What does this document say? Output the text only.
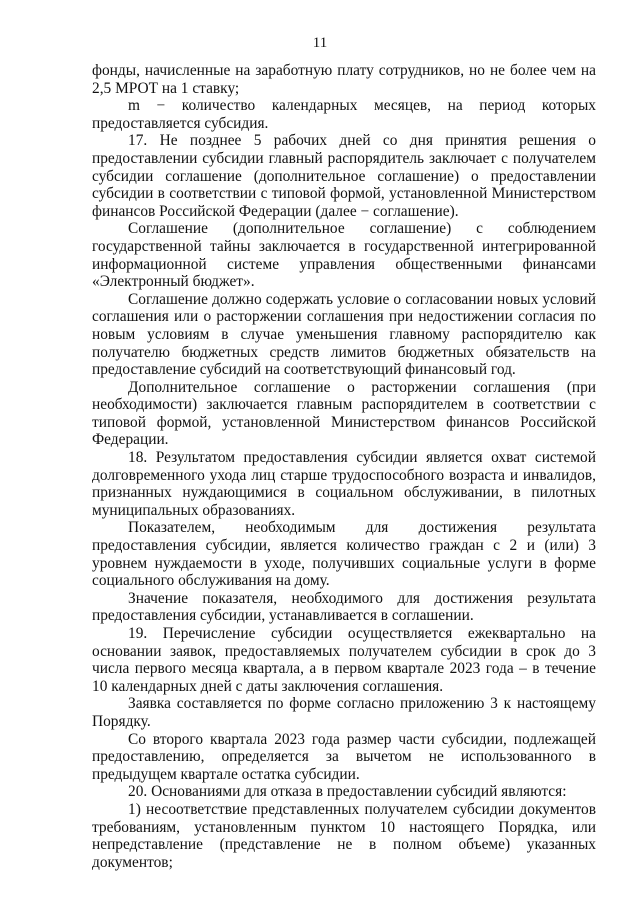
11

фонды, начисленные на заработную плату сотрудников, но не более чем на 2,5 МРОТ на 1 ставку;

m − количество календарных месяцев, на период которых предоставляется субсидия.

17. Не позднее 5 рабочих дней со дня принятия решения о предоставлении субсидии главный распорядитель заключает с получателем субсидии соглашение (дополнительное соглашение) о предоставлении субсидии в соответствии с типовой формой, установленной Министерством финансов Российской Федерации (далее − соглашение).

Соглашение (дополнительное соглашение) с соблюдением государственной тайны заключается в государственной интегрированной информационной системе управления общественными финансами «Электронный бюджет».

Соглашение должно содержать условие о согласовании новых условий соглашения или о расторжении соглашения при недостижении согласия по новым условиям в случае уменьшения главному распорядителю как получателю бюджетных средств лимитов бюджетных обязательств на предоставление субсидий на соответствующий финансовый год.

Дополнительное соглашение о расторжении соглашения (при необходимости) заключается главным распорядителем в соответствии с типовой формой, установленной Министерством финансов Российской Федерации.

18. Результатом предоставления субсидии является охват системой долговременного ухода лиц старше трудоспособного возраста и инвалидов, признанных нуждающимися в социальном обслуживании, в пилотных муниципальных образованиях.

Показателем, необходимым для достижения результата предоставления субсидии, является количество граждан с 2 и (или) 3 уровнем нуждаемости в уходе, получивших социальные услуги в форме социального обслуживания на дому.

Значение показателя, необходимого для достижения результата предоставления субсидии, устанавливается в соглашении.

19. Перечисление субсидии осуществляется ежеквартально на основании заявок, предоставляемых получателем субсидии в срок до 3 числа первого месяца квартала, а в первом квартале 2023 года – в течение 10 календарных дней с даты заключения соглашения.

Заявка составляется по форме согласно приложению 3 к настоящему Порядку.

Со второго квартала 2023 года размер части субсидии, подлежащей предоставлению, определяется за вычетом не использованного в предыдущем квартале остатка субсидии.

20. Основаниями для отказа в предоставлении субсидий являются:

1) несоответствие представленных получателем субсидии документов требованиям, установленным пунктом 10 настоящего Порядка, или непредставление (представление не в полном объеме) указанных документов;
